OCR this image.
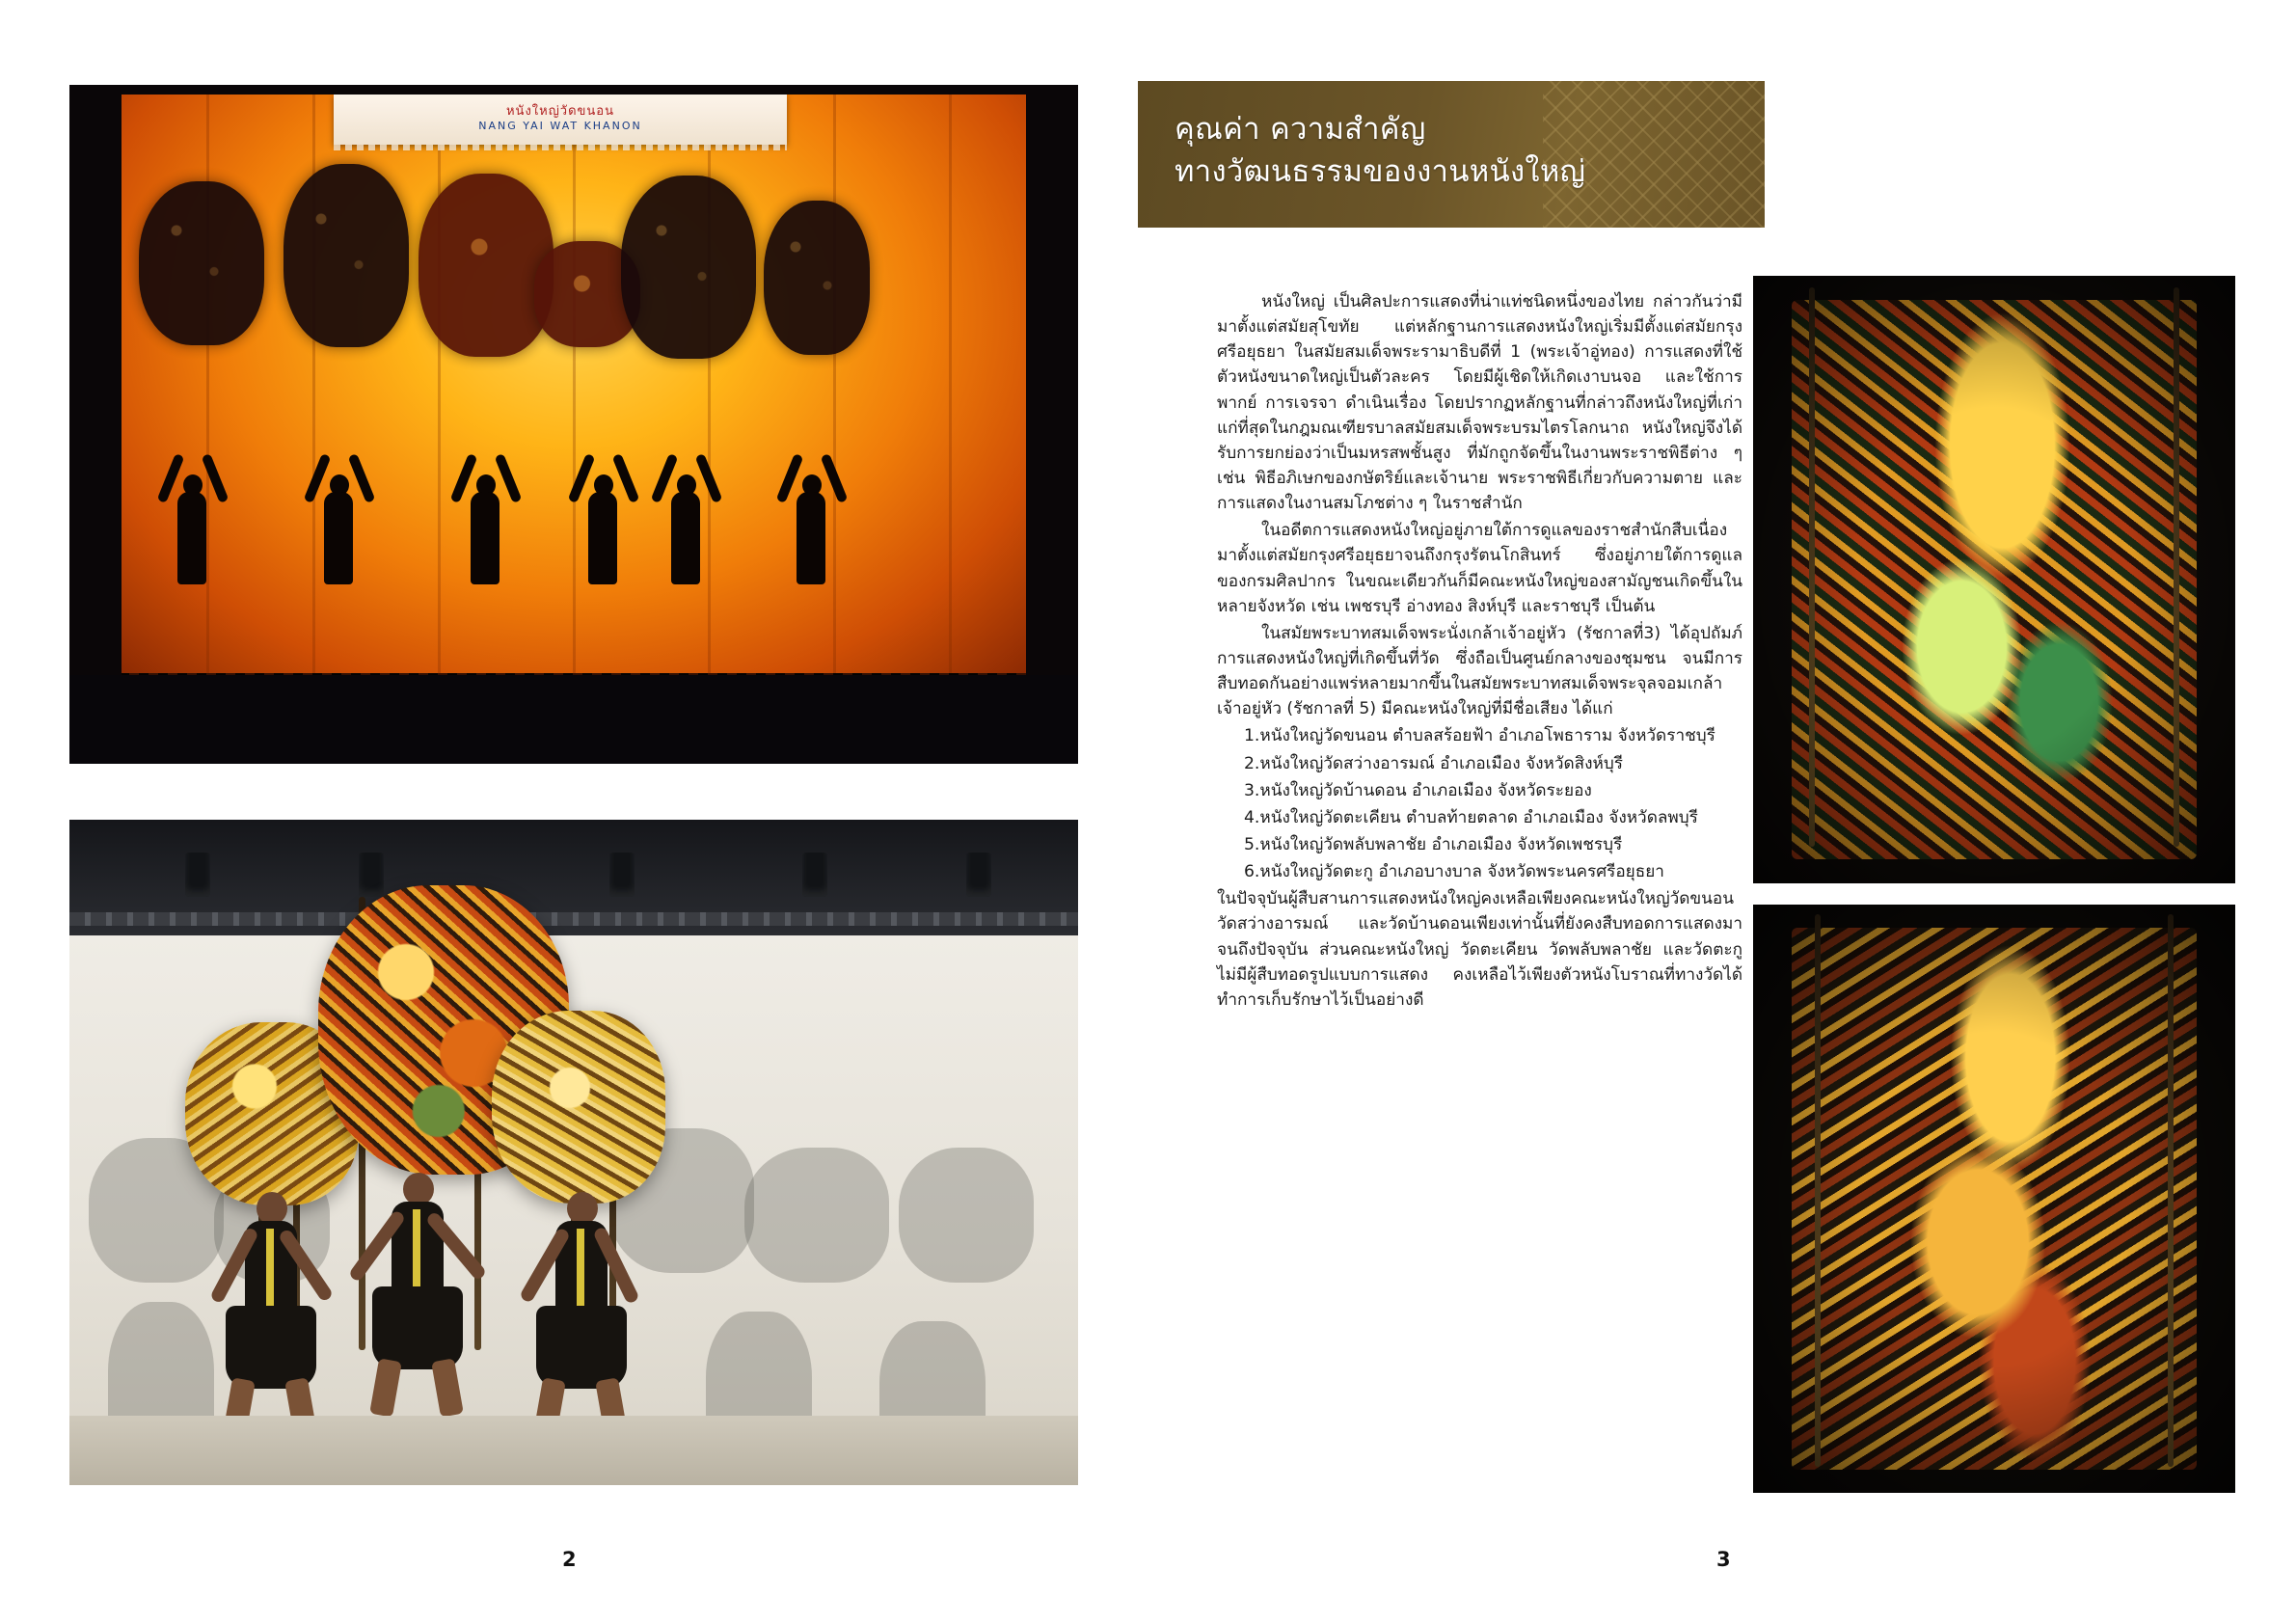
หนังใหญ่วัดขนอน
NANG YAI WAT KHANON
2
คุณค่า ความสำคัญ
ทางวัฒนธรรมของงานหนังใหญ่

หนังใหญ่ เป็นศิลปะการแสดงที่น่าแท่ชนิดหนึ่งของไทย กล่าวกันว่ามีมาตั้งแต่สมัยสุโขทัย แต่หลักฐานการแสดงหนังใหญ่เริ่มมีตั้งแต่สมัยกรุงศรีอยุธยา ในสมัยสมเด็จพระรามาธิบดีที่ 1 (พระเจ้าอู่ทอง) การแสดงที่ใช้ตัวหนังขนาดใหญ่เป็นตัวละคร โดยมีผู้เชิดให้เกิดเงาบนจอ และใช้การพากย์ การเจรจา ดำเนินเรื่อง โดยปรากฏหลักฐานที่กล่าวถึงหนังใหญ่ที่เก่าแก่ที่สุดในกฎมณเฑียรบาลสมัยสมเด็จพระบรมไตรโลกนาถ หนังใหญ่จึงได้รับการยกย่องว่าเป็นมหรสพชั้นสูง ที่มักถูกจัดขึ้นในงานพระราชพิธีต่าง ๆ เช่น พิธีอภิเษกของกษัตริย์และเจ้านาย พระราชพิธีเกี่ยวกับความตาย และการแสดงในงานสมโภชต่าง ๆ ในราชสำนัก

ในอดีตการแสดงหนังใหญ่อยู่ภายใต้การดูแลของราชสำนักสืบเนื่องมาตั้งแต่สมัยกรุงศรีอยุธยาจนถึงกรุงรัตนโกสินทร์ ซึ่งอยู่ภายใต้การดูแลของกรมศิลปากร ในขณะเดียวกันก็มีคณะหนังใหญ่ของสามัญชนเกิดขึ้นในหลายจังหวัด เช่น เพชรบุรี อ่างทอง สิงห์บุรี และราชบุรี เป็นต้น

ในสมัยพระบาทสมเด็จพระนั่งเกล้าเจ้าอยู่หัว (รัชกาลที่3) ได้อุปถัมภ์การแสดงหนังใหญ่ที่เกิดขึ้นที่วัด ซึ่งถือเป็นศูนย์กลางของชุมชน จนมีการสืบทอดกันอย่างแพร่หลายมากขึ้นในสมัยพระบาทสมเด็จพระจุลจอมเกล้าเจ้าอยู่หัว (รัชกาลที่ 5) มีคณะหนังใหญ่ที่มีชื่อเสียง ได้แก่

1.หนังใหญ่วัดขนอน ตำบลสร้อยฟ้า อำเภอโพธาราม จังหวัดราชบุรี

2.หนังใหญ่วัดสว่างอารมณ์ อำเภอเมือง จังหวัดสิงห์บุรี

3.หนังใหญ่วัดบ้านดอน อำเภอเมือง จังหวัดระยอง

4.หนังใหญ่วัดตะเคียน ตำบลท้ายตลาด อำเภอเมือง จังหวัดลพบุรี

5.หนังใหญ่วัดพลับพลาชัย อำเภอเมือง จังหวัดเพชรบุรี

6.หนังใหญ่วัดตะกู อำเภอบางบาล จังหวัดพระนครศรีอยุธยา

ในปัจจุบันผู้สืบสานการแสดงหนังใหญ่คงเหลือเพียงคณะหนังใหญ่วัดขนอน วัดสว่างอารมณ์ และวัดบ้านดอนเพียงเท่านั้นที่ยังคงสืบทอดการแสดงมาจนถึงปัจจุบัน ส่วนคณะหนังใหญ่ วัดตะเคียน วัดพลับพลาชัย และวัดตะกูไม่มีผู้สืบทอดรูปแบบการแสดง คงเหลือไว้เพียงตัวหนังโบราณที่ทางวัดได้ทำการเก็บรักษาไว้เป็นอย่างดี

3
